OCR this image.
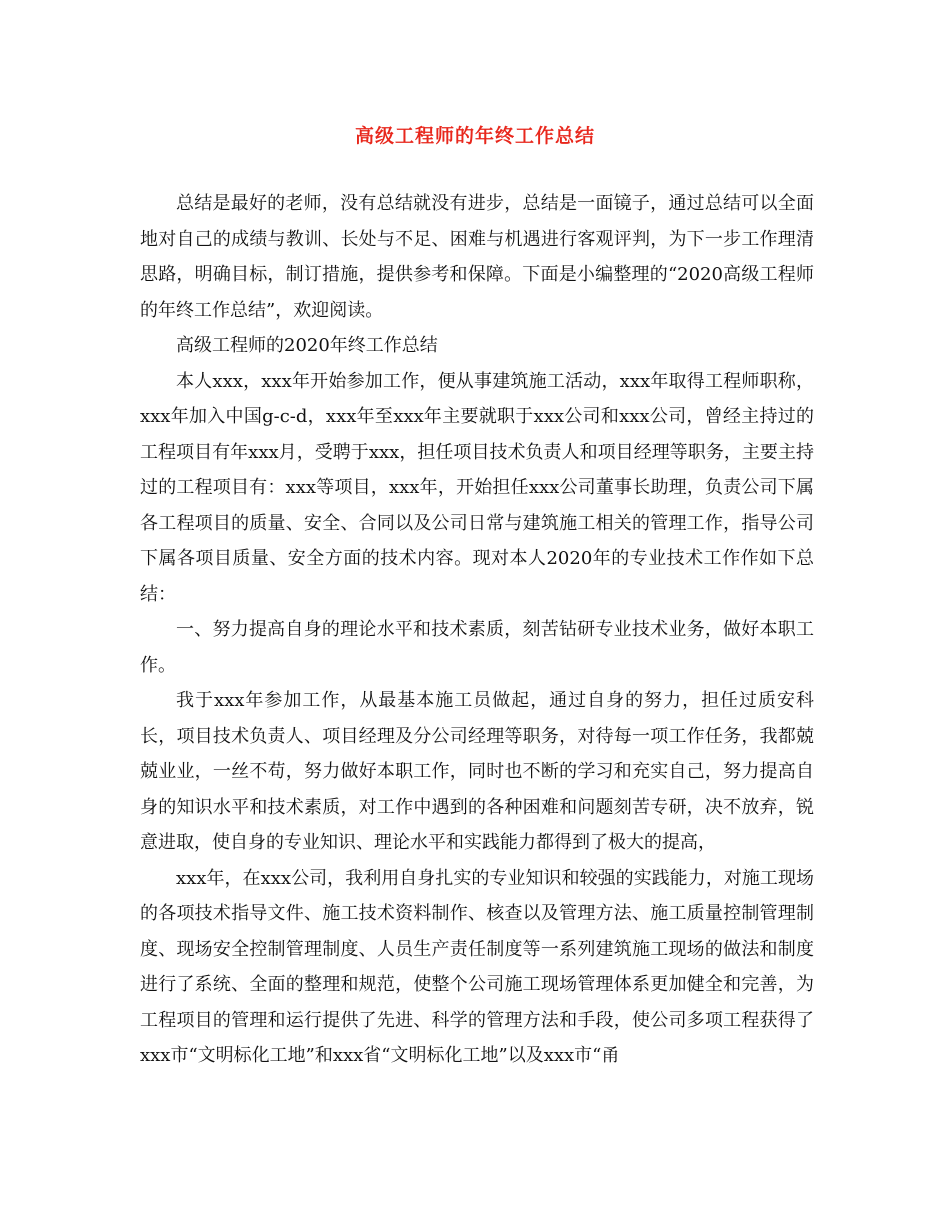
高级工程师的年终工作总结

总结是最好的老师，没有总结就没有进步，总结是一面镜子，通过总结可以全面地对自己的成绩与教训、长处与不足、困难与机遇进行客观评判，为下一步工作理清思路，明确目标，制订措施，提供参考和保障。下面是小编整理的“2020高级工程师的年终工作总结”，欢迎阅读。

高级工程师的2020年终工作总结

本人xxx，xxx年开始参加工作，便从事建筑施工活动，xxx年取得工程师职称，xxx年加入中国g-c-d，xxx年至xxx年主要就职于xxx公司和xxx公司，曾经主持过的工程项目有年xxx月，受聘于xxx，担任项目技术负责人和项目经理等职务，主要主持过的工程项目有：xxx等项目，xxx年，开始担任xxx公司董事长助理，负责公司下属各工程项目的质量、安全、合同以及公司日常与建筑施工相关的管理工作，指导公司下属各项目质量、安全方面的技术内容。现对本人2020年的专业技术工作作如下总结：

一、努力提高自身的理论水平和技术素质，刻苦钻研专业技术业务，做好本职工作。

我于xxx年参加工作，从最基本施工员做起，通过自身的努力，担任过质安科长，项目技术负责人、项目经理及分公司经理等职务，对待每一项工作任务，我都兢兢业业，一丝不苟，努力做好本职工作，同时也不断的学习和充实自己，努力提高自身的知识水平和技术素质，对工作中遇到的各种困难和问题刻苦专研，决不放弃，锐意进取，使自身的专业知识、理论水平和实践能力都得到了极大的提高，

xxx年，在xxx公司，我利用自身扎实的专业知识和较强的实践能力，对施工现场的各项技术指导文件、施工技术资料制作、核查以及管理方法、施工质量控制管理制度、现场安全控制管理制度、人员生产责任制度等一系列建筑施工现场的做法和制度进行了系统、全面的整理和规范，使整个公司施工现场管理体系更加健全和完善，为工程项目的管理和运行提供了先进、科学的管理方法和手段，使公司多项工程获得了xxx市“文明标化工地”和xxx省“文明标化工地”以及xxx市“甬
